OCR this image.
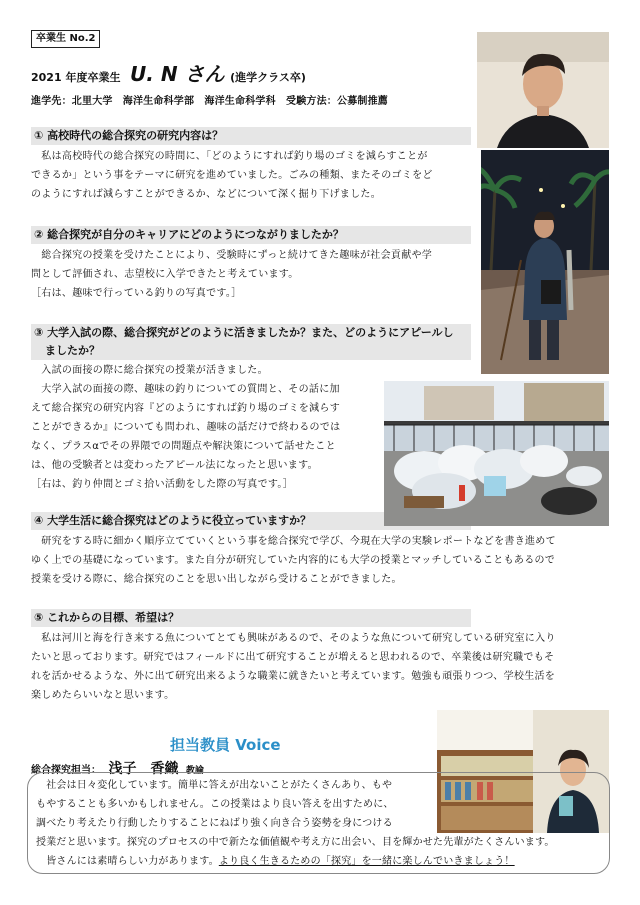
卒業生 No.2
2021 年度卒業生 U. N さん (進学クラス卒)
進学先：北里大学　海洋生命科学部　海洋生命科学科　受験方法：公募制推薦
① 高校時代の総合探究の研究内容は？
　私は高校時代の総合探究の時間に、「どのようにすれば釣り場のゴミを減らすことが
できるか」という事をテーマに研究を進めていました。ごみの種類、またそのゴミをど
のようにすれば減らすことができるか、などについて深く掘り下げました。
② 総合探究が自分のキャリアにどのようにつながりましたか？
　総合探究の授業を受けたことにより、受験時にずっと続けてきた趣味が社会貢献や学
問として評価され、志望校に入学できたと考えています。
［右は、趣味で行っている釣りの写真です。］
③ 大学入試の際、総合探究がどのように活きましたか？また、どのようにアピールし
　ましたか？
　入試の面接の際に総合探究の授業が活きました。
　大学入試の面接の際、趣味の釣りについての質問と、その話に加
えて総合探究の研究内容『どのようにすれば釣り場のゴミを減らす
ことができるか』についても問われ、趣味の話だけで終わるのでは
なく、プラスαでその界隈での問題点や解決策について話せたこと
は、他の受験者とは変わったアピール法になったと思います。
［右は、釣り仲間とゴミ拾い活動をした際の写真です。］
④ 大学生活に総合探究はどのように役立っていますか？
　研究をする時に細かく順序立てていくという事を総合探究で学び、今現在大学の実験レポートなどを書き進めて
ゆく上での基礎になっています。また自分が研究していた内容的にも大学の授業とマッチしていることもあるので
授業を受ける際に、総合探究のことを思い出しながら受けることができました。
⑤ これからの目標、希望は？
　私は河川と海を行き来する魚についてとても興味があるので、そのような魚について研究している研究室に入り
たいと思っております。研究ではフィールドに出て研究することが増えると思われるので、卒業後は研究職でもそ
れを活かせるような、外に出て研究出来るような職業に就きたいと考えています。勉強も頑張りつつ、学校生活を
楽しめたらいいなと思います。
担当教員 Voice
総合探究担当： 浅子　香織 教諭
　社会は日々変化しています。簡単に答えが出ないことがたくさんあり、もや
もやすることも多いかもしれません。この授業はより良い答えを出すために、
調べたり考えたり行動したりすることにねばり強く向き合う姿勢を身につける
授業だと思います。探究のプロセスの中で新たな価値観や考え方に出会い、目を輝かせた先輩がたくさんいます。
　皆さんには素晴らしい力があります。より良く生きるための「探究」を一緒に楽しんでいきましょう！
